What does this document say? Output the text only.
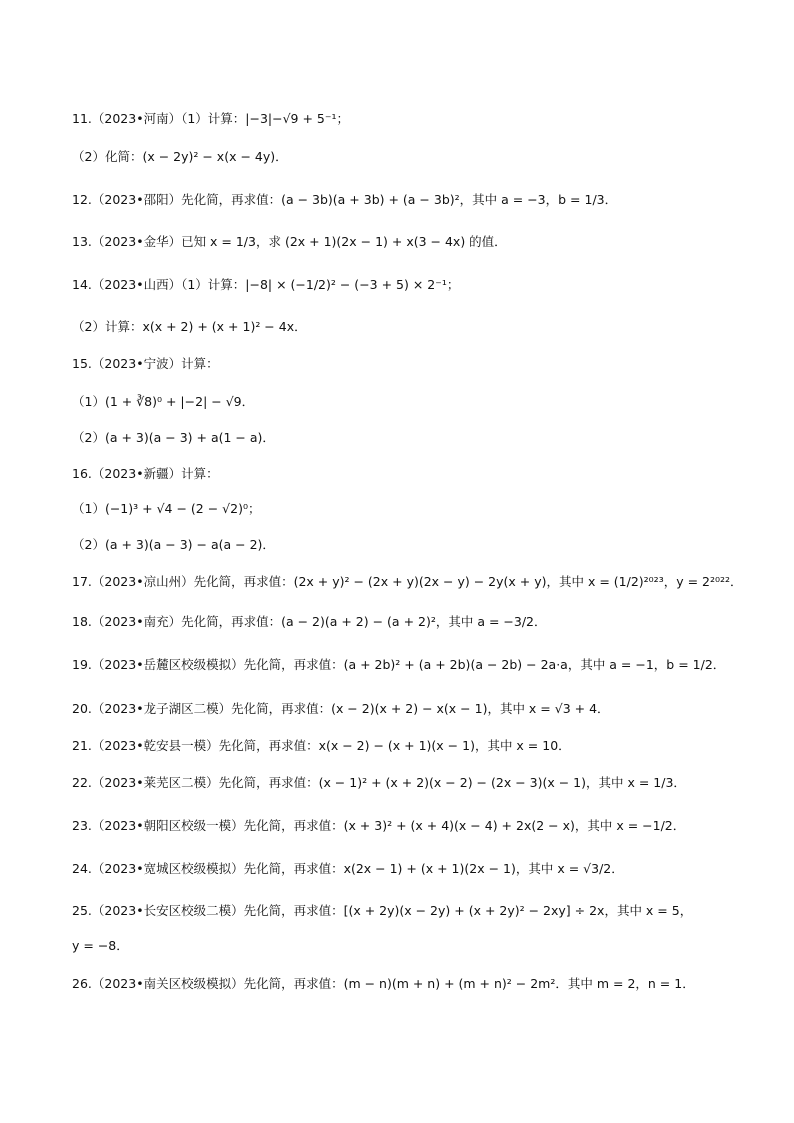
11.（2023•河南）（1）计算：|−3|−√9 + 5⁻¹；
（2）化简：(x − 2y)² − x(x − 4y)．
12.（2023•邵阳）先化简，再求值：(a − 3b)(a + 3b) + (a − 3b)²，其中 a = −3，b = 1/3．
13.（2023•金华）已知 x = 1/3，求 (2x + 1)(2x − 1) + x(3 − 4x) 的值．
14.（2023•山西）（1）计算：|−8| × (−1/2)² − (−3 + 5) × 2⁻¹；
（2）计算：x(x + 2) + (x + 1)² − 4x．
15.（2023•宁波）计算：
（1）(1 + ∛8)⁰ + |−2| − √9．
（2）(a + 3)(a − 3) + a(1 − a)．
16.（2023•新疆）计算：
（1）(−1)³ + √4 − (2 − √2)⁰；
（2）(a + 3)(a − 3) − a(a − 2)．
17.（2023•凉山州）先化简，再求值：(2x + y)² − (2x + y)(2x − y) − 2y(x + y)，其中 x = (1/2)²⁰²³，y = 2²⁰²²．
18.（2023•南充）先化简，再求值：(a − 2)(a + 2) − (a + 2)²，其中 a = −3/2．
19.（2023•岳麓区校级模拟）先化简，再求值：(a + 2b)² + (a + 2b)(a − 2b) − 2a·a，其中 a = −1，b = 1/2．
20.（2023•龙子湖区二模）先化简，再求值：(x − 2)(x + 2) − x(x − 1)，其中 x = √3 + 4．
21.（2023•乾安县一模）先化简，再求值：x(x − 2) − (x + 1)(x − 1)，其中 x = 10．
22.（2023•莱芜区二模）先化简，再求值：(x − 1)² + (x + 2)(x − 2) − (2x − 3)(x − 1)，其中 x = 1/3．
23.（2023•朝阳区校级一模）先化简，再求值：(x + 3)² + (x + 4)(x − 4) + 2x(2 − x)，其中 x = −1/2．
24.（2023•宽城区校级模拟）先化简，再求值：x(2x − 1) + (x + 1)(2x − 1)，其中 x = √3/2．
25.（2023•长安区校级二模）先化简，再求值：[(x + 2y)(x − 2y) + (x + 2y)² − 2xy] ÷ 2x，其中 x = 5，
y = −8．
26.（2023•南关区校级模拟）先化简，再求值：(m − n)(m + n) + (m + n)² − 2m²．其中 m = 2，n = 1．
